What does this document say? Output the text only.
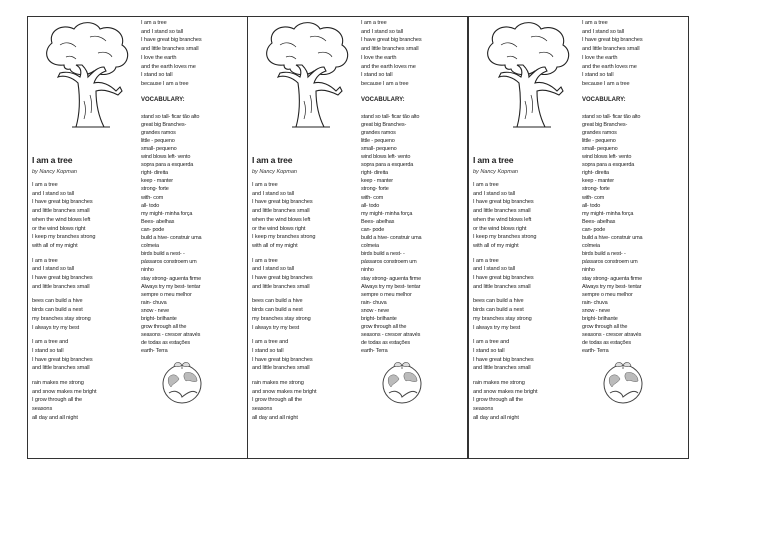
I am a tree
by Nancy Kopman
I am a tree
and I stand so tall
I have great big branches
and little branches small
when the wind blows left
or the wind blows right
I keep my branches strong
with all of my might
I am a tree
and I stand so tall
I have great big branches
and little branches small
bees can build a hive
birds can build a nest
my branches stay strong
I always try my best
I am a tree and
I stand so tall
I have great big branches
and little branches small
rain makes me strong
and snow makes me bright
I grow through all the
seasons
all day and all night
I am a tree
and I stand so tall
I have great big branches
and little branches small
I love the earth
and the earth loves me
I stand so tall
because I am a tree
VOCABULARY:
stand so tall- ficar tão alto
great big Branches-
grandes ramos
little - pequeno
small- pequeno
wind blows left- vento
sopra para a esquerda
right- direita
keep - manter
strong- forte
with- com
all- todo
my might- minha força
Bees- abelhas
can- pode
build a hive- construir uma
colmeia
birds build a nest- -
pássaros constroem um
ninho
stay strong- aguenta firme
Always try my best- tentar
sempre o meu melhor
rain- chuva
snow - neve
bright- brilhante
grow through all the
seasons - crescer através
de todas as estações
earth- Terra
I am a tree
by Nancy Kopman
I am a tree
and I stand so tall
I have great big branches
and little branches small
when the wind blows left
or the wind blows right
I keep my branches strong
with all of my might
I am a tree
and I stand so tall
I have great big branches
and little branches small
bees can build a hive
birds can build a nest
my branches stay strong
I always try my best
I am a tree and
I stand so tall
I have great big branches
and little branches small
rain makes me strong
and snow makes me bright
I grow through all the
seasons
all day and all night
I am a tree
and I stand so tall
I have great big branches
and little branches small
I love the earth
and the earth loves me
I stand so tall
because I am a tree
VOCABULARY:
stand so tall- ficar tão alto
great big Branches-
grandes ramos
little - pequeno
small- pequeno
wind blows left- vento
sopra para a esquerda
right- direita
keep - manter
strong- forte
with- com
all- todo
my might- minha força
Bees- abelhas
can- pode
build a hive- construir uma
colmeia
birds build a nest- -
pássaros constroem um
ninho
stay strong- aguenta firme
Always try my best- tentar
sempre o meu melhor
rain- chuva
snow - neve
bright- brilhante
grow through all the
seasons - crescer através
de todas as estações
earth- Terra
I am a tree
by Nancy Kopman
I am a tree
and I stand so tall
I have great big branches
and little branches small
when the wind blows left
or the wind blows right
I keep my branches strong
with all of my might
I am a tree
and I stand so tall
I have great big branches
and little branches small
bees can build a hive
birds can build a nest
my branches stay strong
I always try my best
I am a tree and
I stand so tall
I have great big branches
and little branches small
rain makes me strong
and snow makes me bright
I grow through all the
seasons
all day and all night
I am a tree
and I stand so tall
I have great big branches
and little branches small
I love the earth
and the earth loves me
I stand so tall
because I am a tree
VOCABULARY:
stand so tall- ficar tão alto
great big Branches-
grandes ramos
little - pequeno
small- pequeno
wind blows left- vento
sopra para a esquerda
right- direita
keep - manter
strong- forte
with- com
all- todo
my might- minha força
Bees- abelhas
can- pode
build a hive- construir uma
colmeia
birds build a nest- -
pássaros constroem um
ninho
stay strong- aguenta firme
Always try my best- tentar
sempre o meu melhor
rain- chuva
snow - neve
bright- brilhante
grow through all the
seasons - crescer através
de todas as estações
earth- Terra
